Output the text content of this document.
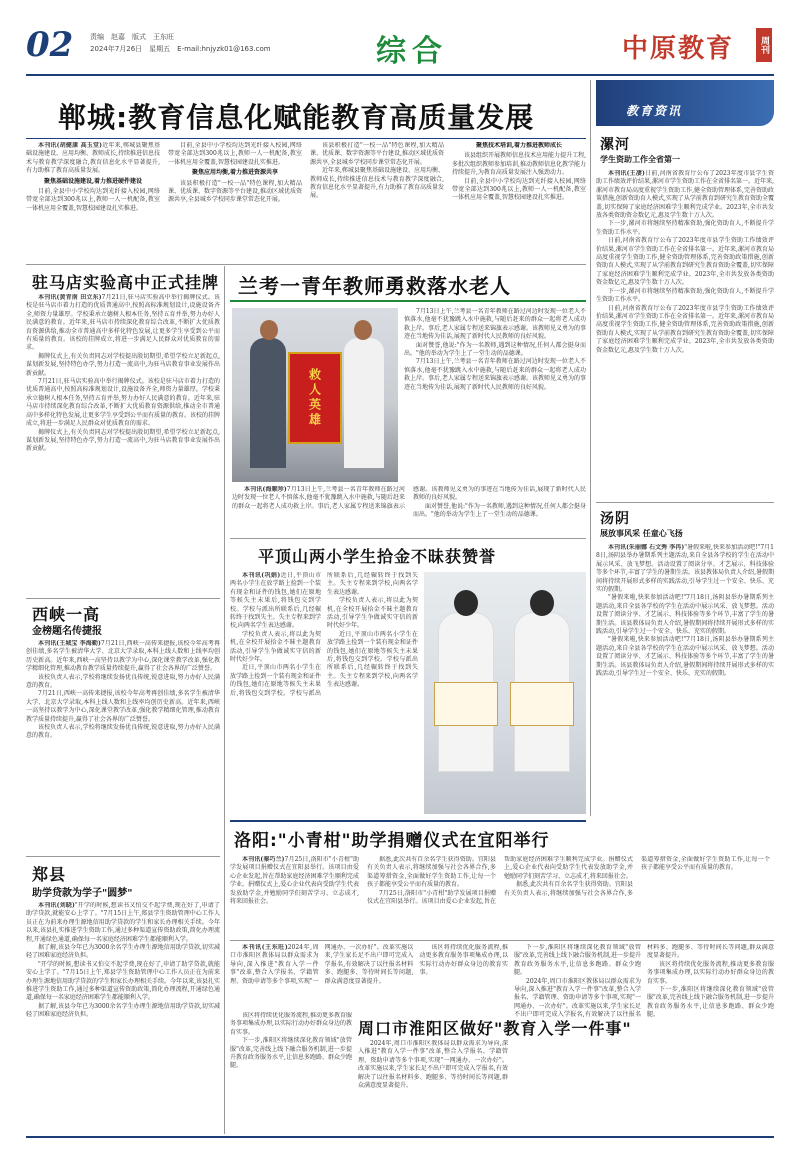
02 责编　赵嘉　版式　王东旺
2024年7月26日　星期五　E-mail:hnjyzk01@163.com	综合	中原教育	周刊
郸城:教育信息化赋能教育高质量发展

本刊讯(胡健康 高玉堂)近年来,郸城县聚焦基础设施建设、应用均衡、教师成长,持续推进信息技术与教育教学深度融合,教育信息化水平显著提升,有力助推了教育高质量发展。

聚焦基础设施建设,着力推进硬件建设

目前,全县中小学校均达到光纤接入校园,网络带宽全部达到300兆以上,教师一人一机配备,教室一体机应用全覆盖,智慧校园建设扎实推进。

目前,全县中小学校均达到光纤接入校园,网络带宽全部达到300兆以上,教师一人一机配备,教室一体机应用全覆盖,智慧校园建设扎实推进。

聚焦应用均衡,着力推进资源共享

该县积极打造"一校一品"特色课程,加大精品课、优质课、数字资源等平台建设,推动区域优质资源共享,全县城乡学校同步课堂常态化开展。

该县积极打造"一校一品"特色课程,加大精品课、优质课、数字资源等平台建设,推动区域优质资源共享,全县城乡学校同步课堂常态化开展。

近年来,郸城县聚焦基础设施建设、应用均衡、教师成长,持续推进信息技术与教育教学深度融合,教育信息化水平显著提升,有力助推了教育高质量发展。

聚焦技术培训,着力推进教师成长

该县组织开展教师信息技术应用能力提升工程,多批次组织教师参加培训,推动教师信息化教学能力持续提升,为教育高质量发展注入强劲动力。

目前,全县中小学校均达到光纤接入校园,网络带宽全部达到300兆以上,教师一人一机配备,教室一体机应用全覆盖,智慧校园建设扎实推进。

驻马店实验高中正式挂牌

本刊讯(黄青南 田立东)7月21日,驻马店实验高中举行揭牌仪式。该校是驻马店市着力打造的优质普通高中,按照高标准规划设计,设施设备齐全,师资力量雄厚。学校秉承立德树人根本任务,坚持五育并举,努力办好人民满意的教育。近年来,驻马店市持续深化教育综合改革,不断扩大优质教育资源供给,推动全市普通高中多样化特色发展,让更多学生享受到公平而有质量的教育。该校的挂牌成立,将进一步满足人民群众对优质教育的需求。

揭牌仪式上,有关负责同志对学校提出殷切期望,希望学校立足新起点,谋划新发展,坚持特色办学,努力打造一流高中,为驻马店教育事业发展作出新贡献。

7月21日,驻马店实验高中举行揭牌仪式。该校是驻马店市着力打造的优质普通高中,按照高标准规划设计,设施设备齐全,师资力量雄厚。学校秉承立德树人根本任务,坚持五育并举,努力办好人民满意的教育。近年来,驻马店市持续深化教育综合改革,不断扩大优质教育资源供给,推动全市普通高中多样化特色发展,让更多学生享受到公平而有质量的教育。该校的挂牌成立,将进一步满足人民群众对优质教育的需求。

揭牌仪式上,有关负责同志对学校提出殷切期望,希望学校立足新起点,谋划新发展,坚持特色办学,努力打造一流高中,为驻马店教育事业发展作出新贡献。

西峡一高
金榜题名传捷报

本刊讯(王城宝 李海勤)7月21日,西峡一高传来捷报,该校今年高考再创佳绩,多名学生被清华大学、北京大学录取,本科上线人数和上线率均创历史新高。近年来,西峡一高坚持以教学为中心,深化课堂教学改革,强化教学精细化管理,推动教育教学质量持续提升,赢得了社会各界的广泛赞誉。

该校负责人表示,学校将继续发扬优良传统,锐意进取,努力办好人民满意的教育。

7月21日,西峡一高传来捷报,该校今年高考再创佳绩,多名学生被清华大学、北京大学录取,本科上线人数和上线率均创历史新高。近年来,西峡一高坚持以教学为中心,深化课堂教学改革,强化教学精细化管理,推动教育教学质量持续提升,赢得了社会各界的广泛赞誉。

该校负责人表示,学校将继续发扬优良传统,锐意进取,努力办好人民满意的教育。

郑县
助学贷款为学子"圆梦"

本刊讯(刘晓)"开学的时候,想读书又怕交不起学费,现在好了,申请了助学贷款,就能安心上学了。"7月15日上午,郑县学生资助管理中心工作人员正在为前来办理生源地信用助学贷款的学生和家长办理相关手续。今年以来,该县扎实推进学生资助工作,通过多种渠道宣传资助政策,简化办理流程,开通绿色通道,确保每一名家庭经济困难学生都能顺利入学。

据了解,该县今年已为3000余名学生办理生源地信用助学贷款,切实减轻了困难家庭经济负担。

"开学的时候,想读书又怕交不起学费,现在好了,申请了助学贷款,就能安心上学了。"7月15日上午,郑县学生资助管理中心工作人员正在为前来办理生源地信用助学贷款的学生和家长办理相关手续。今年以来,该县扎实推进学生资助工作,通过多种渠道宣传资助政策,简化办理流程,开通绿色通道,确保每一名家庭经济困难学生都能顺利入学。

据了解,该县今年已为3000余名学生办理生源地信用助学贷款,切实减轻了困难家庭经济负担。

兰考一青年教师勇救落水老人
救人英雄

7月13日上午,兰考县一名青年教师在路过河边时发现一位老人不慎落水,他毫不犹豫跳入水中施救,与随后赶来的群众一起将老人成功救上岸。事后,老人家属专程送来锦旗表示感谢。该教师见义勇为的事迹在当地传为佳话,展现了新时代人民教师的良好风貌。

面对赞誉,他说:"作为一名教师,遇到这种情况,任何人都会挺身而出。"他的举动为学生上了一堂生动的品德课。

7月13日上午,兰考县一名青年教师在路过河边时发现一位老人不慎落水,他毫不犹豫跳入水中施救,与随后赶来的群众一起将老人成功救上岸。事后,老人家属专程送来锦旗表示感谢。该教师见义勇为的事迹在当地传为佳话,展现了新时代人民教师的良好风貌。

本刊讯(海顺珍)7月13日上午,兰考县一名青年教师在路过河边时发现一位老人不慎落水,他毫不犹豫跳入水中施救,与随后赶来的群众一起将老人成功救上岸。事后,老人家属专程送来锦旗表示感谢。该教师见义勇为的事迹在当地传为佳话,展现了新时代人民教师的良好风貌。

面对赞誉,他说:"作为一名教师,遇到这种情况,任何人都会挺身而出。"他的举动为学生上了一堂生动的品德课。

平顶山两小学生拾金不昧获赞誉

本刊讯(巩娟)近日,平顶山市两名小学生在放学路上捡到一个装有现金和证件的钱包,她们在原地等候失主未果后,将钱包交到学校。学校与派出所联系后,几经辗转终于找到失主。失主专程来到学校,向两名学生表达感谢。

学校负责人表示,将以此为契机,在全校开展拾金不昧主题教育活动,引导学生争做诚实守信的新时代好少年。

近日,平顶山市两名小学生在放学路上捡到一个装有现金和证件的钱包,她们在原地等候失主未果后,将钱包交到学校。学校与派出所联系后,几经辗转终于找到失主。失主专程来到学校,向两名学生表达感谢。

学校负责人表示,将以此为契机,在全校开展拾金不昧主题教育活动,引导学生争做诚实守信的新时代好少年。

近日,平顶山市两名小学生在放学路上捡到一个装有现金和证件的钱包,她们在原地等候失主未果后,将钱包交到学校。学校与派出所联系后,几经辗转终于找到失主。失主专程来到学校,向两名学生表达感谢。

洛阳:"小青柑"助学捐赠仪式在宜阳举行

本刊讯(秦巧兰)7月25日,洛阳市"小青柑"助学发展项目捐赠仪式在宜阳县举行。该项目由爱心企业发起,旨在帮助家庭经济困难学生顺利完成学业。捐赠仪式上,爱心企业代表向受助学生代表发放助学金,并勉励同学们刻苦学习、立志成才,将来回报社会。

据悉,此次共有百余名学生获得资助。宜阳县有关负责人表示,将继续加强与社会各界合作,多渠道筹措资金,全面做好学生资助工作,让每一个孩子都能享受公平而有质量的教育。

7月25日,洛阳市"小青柑"助学发展项目捐赠仪式在宜阳县举行。该项目由爱心企业发起,旨在帮助家庭经济困难学生顺利完成学业。捐赠仪式上,爱心企业代表向受助学生代表发放助学金,并勉励同学们刻苦学习、立志成才,将来回报社会。

据悉,此次共有百余名学生获得资助。宜阳县有关负责人表示,将继续加强与社会各界合作,多渠道筹措资金,全面做好学生资助工作,让每一个孩子都能享受公平而有质量的教育。

本刊讯(王东旺)2024年,周口市淮阳区教体局以群众需求为导向,深入推进"教育入学一件事"改革,整合入学报名、学籍管理、资助申请等多个事项,实现"一网通办、一次办好"。改革实施以来,学生家长足不出户即可完成入学报名,有效解决了以往报名材料多、跑腿多、等待时间长等问题,群众满意度显著提升。

该区将持续优化服务流程,推动更多教育服务事项集成办理,以实际行动办好群众身边的教育实事。

下一步,淮阳区将继续深化教育领域"放管服"改革,完善线上线下融合服务机制,进一步提升教育政务服务水平,让信息多跑路、群众少跑腿。

2024年,周口市淮阳区教体局以群众需求为导向,深入推进"教育入学一件事"改革,整合入学报名、学籍管理、资助申请等多个事项,实现"一网通办、一次办好"。改革实施以来,学生家长足不出户即可完成入学报名,有效解决了以往报名材料多、跑腿多、等待时间长等问题,群众满意度显著提升。

该区将持续优化服务流程,推动更多教育服务事项集成办理,以实际行动办好群众身边的教育实事。

下一步,淮阳区将继续深化教育领域"放管服"改革,完善线上线下融合服务机制,进一步提升教育政务服务水平,让信息多跑路、群众少跑腿。

周口市淮阳区做好"教育入学一件事"

该区将持续优化服务流程,推动更多教育服务事项集成办理,以实际行动办好群众身边的教育实事。

下一步,淮阳区将继续深化教育领域"放管服"改革,完善线上线下融合服务机制,进一步提升教育政务服务水平,让信息多跑路、群众少跑腿。

2024年,周口市淮阳区教体局以群众需求为导向,深入推进"教育入学一件事"改革,整合入学报名、学籍管理、资助申请等多个事项,实现"一网通办、一次办好"。改革实施以来,学生家长足不出户即可完成入学报名,有效解决了以往报名材料多、跑腿多、等待时间长等问题,群众满意度显著提升。

教育资讯
漯河
学生资助工作全省第一

本刊讯(王凄)日前,河南省教育厅公布了2023年度市县学生资助工作绩效评价结果,漯河市学生资助工作在全省排名第一。近年来,漯河市教育局高度重视学生资助工作,健全资助管理体系,完善资助政策措施,创新资助育人模式,实现了从学前教育到研究生教育资助全覆盖,切实保障了家庭经济困难学生顺利完成学业。2023年,全市共发放各类资助资金数亿元,惠及学生数十万人次。

下一步,漯河市将继续坚持精准资助,强化资助育人,不断提升学生资助工作水平。

日前,河南省教育厅公布了2023年度市县学生资助工作绩效评价结果,漯河市学生资助工作在全省排名第一。近年来,漯河市教育局高度重视学生资助工作,健全资助管理体系,完善资助政策措施,创新资助育人模式,实现了从学前教育到研究生教育资助全覆盖,切实保障了家庭经济困难学生顺利完成学业。2023年,全市共发放各类资助资金数亿元,惠及学生数十万人次。

下一步,漯河市将继续坚持精准资助,强化资助育人,不断提升学生资助工作水平。

日前,河南省教育厅公布了2023年度市县学生资助工作绩效评价结果,漯河市学生资助工作在全省排名第一。近年来,漯河市教育局高度重视学生资助工作,健全资助管理体系,完善资助政策措施,创新资助育人模式,实现了从学前教育到研究生教育资助全覆盖,切实保障了家庭经济困难学生顺利完成学业。2023年,全市共发放各类资助资金数亿元,惠及学生数十万人次。

汤阴
展放事风采 任童心飞扬

本刊讯(朱丽娜 石文秀 李冉)"暑假来啦,快来参加活动吧!"7月18日,汤阴县举办暑期系列主题活动,来自全县各学校的学生在活动中展示风采、放飞梦想。活动设置了阅读分享、才艺展示、科技体验等多个环节,丰富了学生的暑期生活。该县教体局负责人介绍,暑假期间将持续开展形式多样的实践活动,引导学生过一个安全、快乐、充实的假期。

"暑假来啦,快来参加活动吧!"7月18日,汤阴县举办暑期系列主题活动,来自全县各学校的学生在活动中展示风采、放飞梦想。活动设置了阅读分享、才艺展示、科技体验等多个环节,丰富了学生的暑期生活。该县教体局负责人介绍,暑假期间将持续开展形式多样的实践活动,引导学生过一个安全、快乐、充实的假期。

"暑假来啦,快来参加活动吧!"7月18日,汤阴县举办暑期系列主题活动,来自全县各学校的学生在活动中展示风采、放飞梦想。活动设置了阅读分享、才艺展示、科技体验等多个环节,丰富了学生的暑期生活。该县教体局负责人介绍,暑假期间将持续开展形式多样的实践活动,引导学生过一个安全、快乐、充实的假期。
